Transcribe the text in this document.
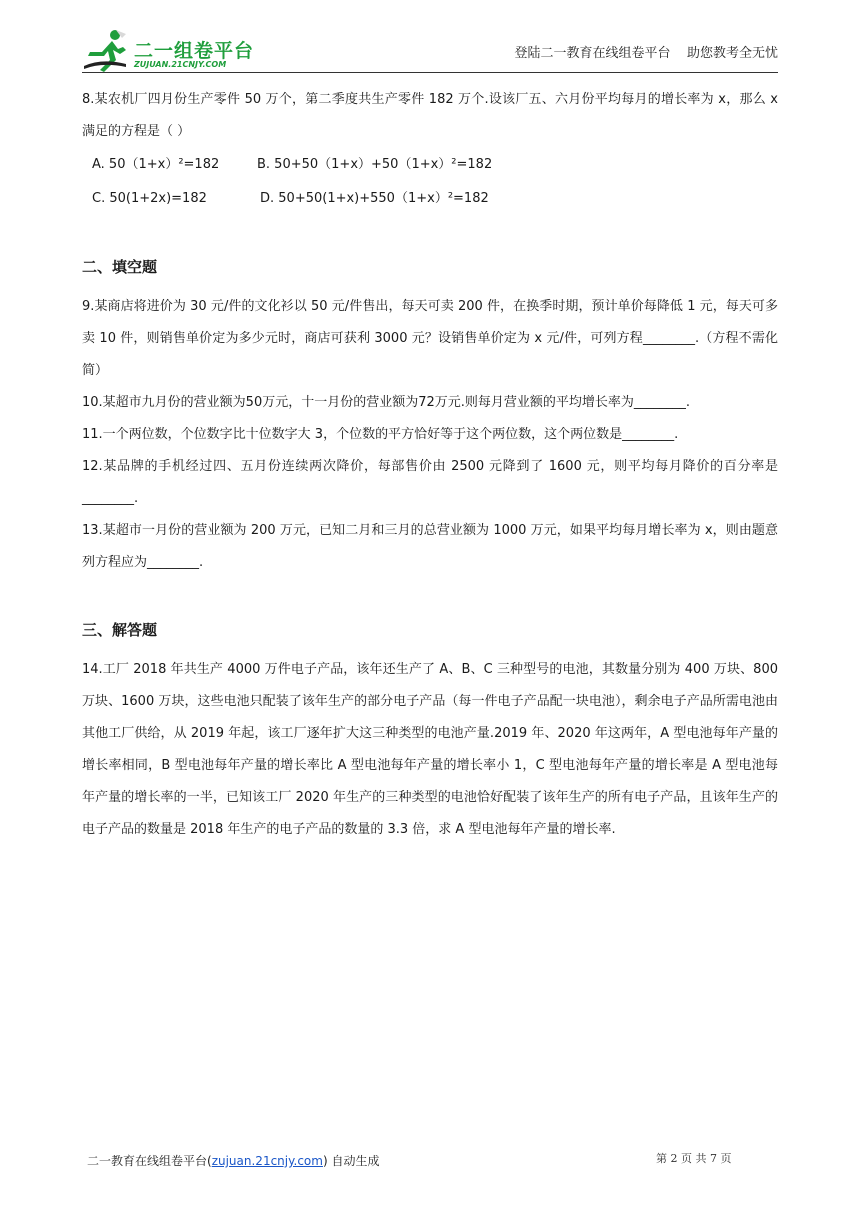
二一组卷平台
ZUJUAN.21CNJY.COM
登陆二一教育在线组卷平台    助您教考全无忧
8.某农机厂四月份生产零件 50 万个，第二季度共生产零件 182 万个.设该厂五、六月份平均每月的增长率为 x，那么 x 满足的方程是（ ）
A. 50（1+x）²=182	B. 50+50（1+x）+50（1+x）²=182
C. 50(1+2x)=182	D. 50+50(1+x)+550（1+x）²=182
二、填空题
9.某商店将进价为 30 元/件的文化衫以 50 元/件售出，每天可卖 200 件，在换季时期，预计单价每降低 1 元，每天可多卖 10 件，则销售单价定为多少元时，商店可获利 3000 元？设销售单价定为 x 元/件，可列方程________.（方程不需化简）
10.某超市九月份的营业额为50万元，十一月份的营业额为72万元.则每月营业额的平均增长率为________.
11.一个两位数，个位数字比十位数字大 3，个位数的平方恰好等于这个两位数，这个两位数是________.
12.某品牌的手机经过四、五月份连续两次降价，每部售价由 2500 元降到了 1600 元，则平均每月降价的百分率是________.
13.某超市一月份的营业额为 200 万元，已知二月和三月的总营业额为 1000 万元，如果平均每月增长率为 x，则由题意列方程应为________.
三、解答题
14.工厂 2018 年共生产 4000 万件电子产品，该年还生产了 A、B、C 三种型号的电池，其数量分别为 400 万块、800 万块、1600 万块，这些电池只配装了该年生产的部分电子产品（每一件电子产品配一块电池），剩余电子产品所需电池由其他工厂供给，从 2019 年起，该工厂逐年扩大这三种类型的电池产量.2019 年、2020 年这两年，A 型电池每年产量的增长率相同，B 型电池每年产量的增长率比 A 型电池每年产量的增长率小 1，C 型电池每年产量的增长率是 A 型电池每年产量的增长率的一半，已知该工厂 2020 年生产的三种类型的电池恰好配装了该年生产的所有电子产品，且该年生产的电子产品的数量是 2018 年生产的电子产品的数量的 3.3 倍，求 A 型电池每年产量的增长率.
二一教育在线组卷平台(zujuan.21cnjy.com) 自动生成	第 2 页 共 7 页
